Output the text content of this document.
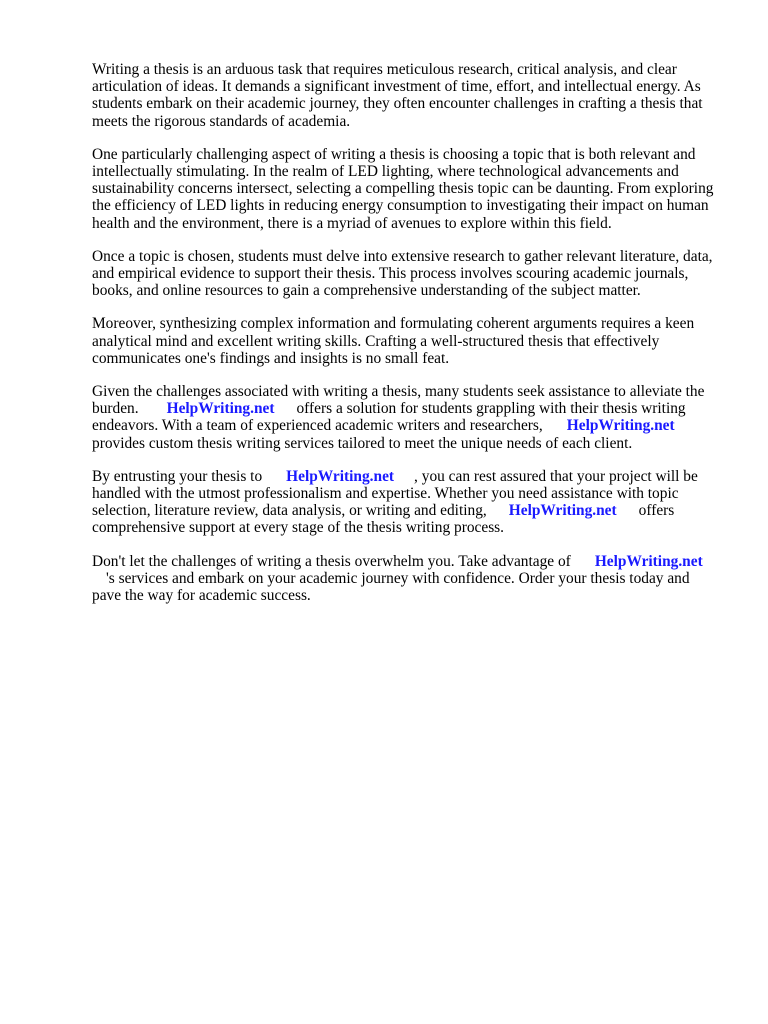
Writing a thesis is an arduous task that requires meticulous research, critical analysis, and clear
articulation of ideas. It demands a significant investment of time, effort, and intellectual energy. As
students embark on their academic journey, they often encounter challenges in crafting a thesis that
meets the rigorous standards of academia.

One particularly challenging aspect of writing a thesis is choosing a topic that is both relevant and
intellectually stimulating. In the realm of LED lighting, where technological advancements and
sustainability concerns intersect, selecting a compelling thesis topic can be daunting. From exploring
the efficiency of LED lights in reducing energy consumption to investigating their impact on human
health and the environment, there is a myriad of avenues to explore within this field.

Once a topic is chosen, students must delve into extensive research to gather relevant literature, data,
and empirical evidence to support their thesis. This process involves scouring academic journals,
books, and online resources to gain a comprehensive understanding of the subject matter.

Moreover, synthesizing complex information and formulating coherent arguments requires a keen
analytical mind and excellent writing skills. Crafting a well-structured thesis that effectively
communicates one's findings and insights is no small feat.

Given the challenges associated with writing a thesis, many students seek assistance to alleviate the
burden. HelpWriting.net offers a solution for students grappling with their thesis writing
endeavors. With a team of experienced academic writers and researchers, HelpWriting.net
provides custom thesis writing services tailored to meet the unique needs of each client.

By entrusting your thesis to HelpWriting.net , you can rest assured that your project will be
handled with the utmost professionalism and expertise. Whether you need assistance with topic
selection, literature review, data analysis, or writing and editing, HelpWriting.net offers
comprehensive support at every stage of the thesis writing process.

Don't let the challenges of writing a thesis overwhelm you. Take advantage of HelpWriting.net
's services and embark on your academic journey with confidence. Order your thesis today and
pave the way for academic success.
